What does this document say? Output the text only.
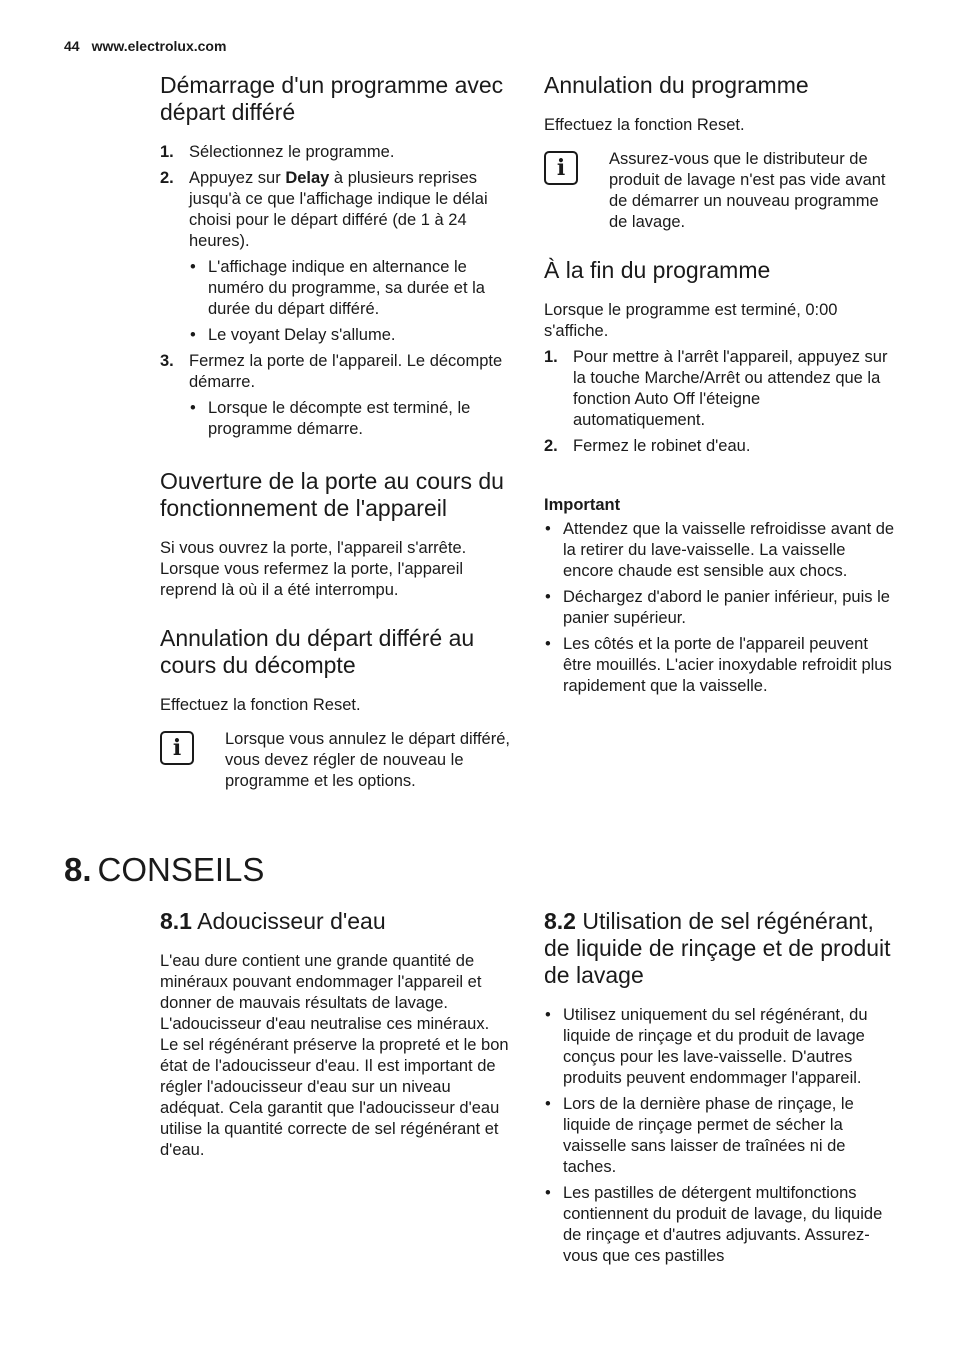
44 www.electrolux.com
Démarrage d'un programme avec départ différé
1. Sélectionnez le programme.
2. Appuyez sur Delay à plusieurs reprises jusqu'à ce que l'affichage indique le délai choisi pour le départ différé (de 1 à 24 heures).
• L'affichage indique en alternance le numéro du programme, sa durée et la durée du départ différé.
• Le voyant Delay s'allume.
3. Fermez la porte de l'appareil. Le décompte démarre.
• Lorsque le décompte est terminé, le programme démarre.
Ouverture de la porte au cours du fonctionnement de l'appareil

Si vous ouvrez la porte, l'appareil s'arrête. Lorsque vous refermez la porte, l'appareil reprend là où il a été interrompu.

Annulation du départ différé au cours du décompte

Effectuez la fonction Reset.

i	Lorsque vous annulez le départ différé, vous devez régler de nouveau le programme et les options.
Annulation du programme

Effectuez la fonction Reset.

i	Assurez-vous que le distributeur de produit de lavage n'est pas vide avant de démarrer un nouveau programme de lavage.
À la fin du programme

Lorsque le programme est terminé, 0:00 s'affiche.

1. Pour mettre à l'arrêt l'appareil, appuyez sur la touche Marche/Arrêt ou attendez que la fonction Auto Off l'éteigne automatiquement.
2. Fermez le robinet d'eau.
Important
• Attendez que la vaisselle refroidisse avant de la retirer du lave-vaisselle. La vaisselle encore chaude est sensible aux chocs.
• Déchargez d'abord le panier inférieur, puis le panier supérieur.
• Les côtés et la porte de l'appareil peuvent être mouillés. L'acier inoxydable refroidit plus rapidement que la vaisselle.
8. CONSEILS
8.1 Adoucisseur d'eau

L'eau dure contient une grande quantité de minéraux pouvant endommager l'appareil et donner de mauvais résultats de lavage. L'adoucisseur d'eau neutralise ces minéraux.

Le sel régénérant préserve la propreté et le bon état de l'adoucisseur d'eau. Il est important de régler l'adoucisseur d'eau sur un niveau adéquat. Cela garantit que l'adoucisseur d'eau utilise la quantité correcte de sel régénérant et d'eau.

8.2 Utilisation de sel régénérant, de liquide de rinçage et de produit de lavage
• Utilisez uniquement du sel régénérant, du liquide de rinçage et du produit de lavage conçus pour les lave-vaisselle. D'autres produits peuvent endommager l'appareil.
• Lors de la dernière phase de rinçage, le liquide de rinçage permet de sécher la vaisselle sans laisser de traînées ni de taches.
• Les pastilles de détergent multifonctions contiennent du produit de lavage, du liquide de rinçage et d'autres adjuvants. Assurez-vous que ces pastilles
